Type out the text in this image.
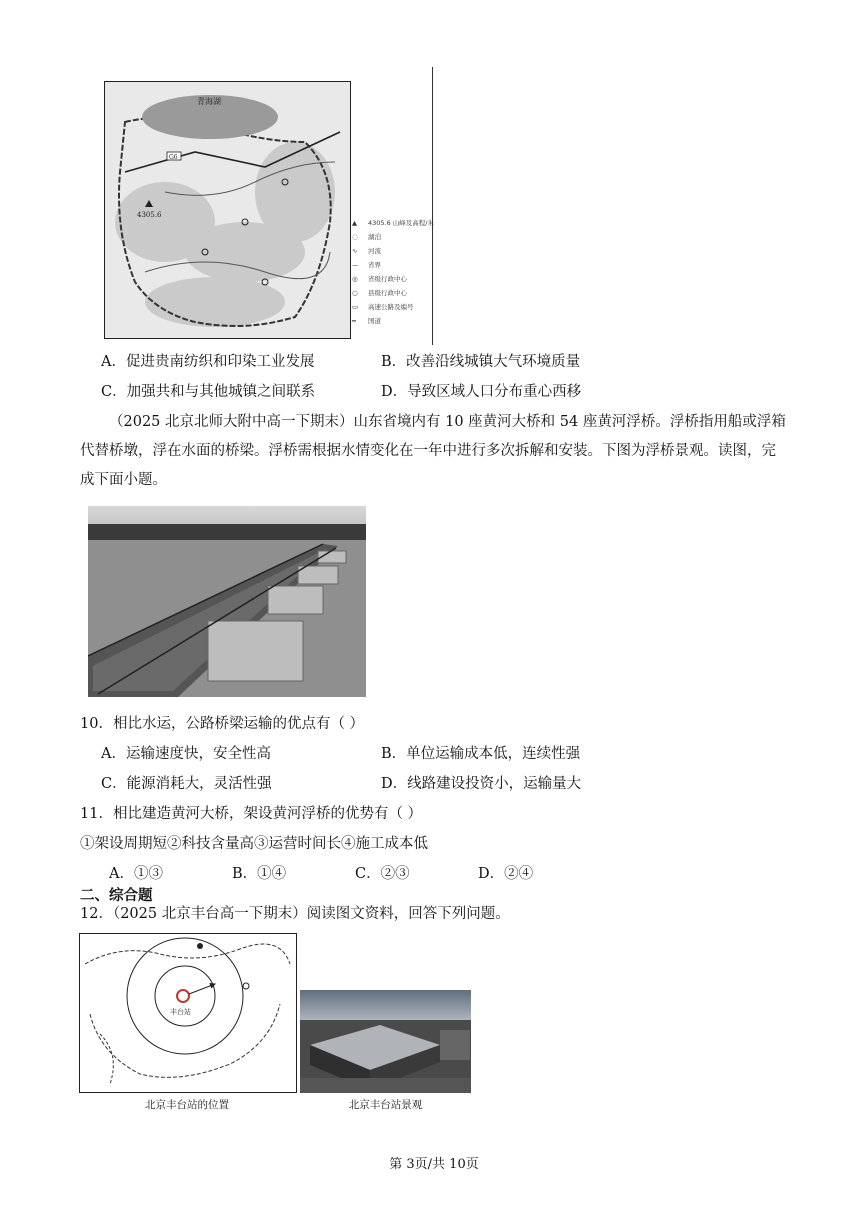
青海湖
G6
4305.6
▲ 4305.6 山峰及高程/米
◌ 湖泊
∿ 河流
— 省界
◎ 省级行政中心
○ 县级行政中心
▭ 高速公路及编号
━ 国道
A．促进贵南纺织和印染工业发展	B．改善沿线城镇大气环境质量
C．加强共和与其他城镇之间联系	D．导致区域人口分布重心西移
（2025 北京北师大附中高一下期末）山东省境内有 10 座黄河大桥和 54 座黄河浮桥。浮桥指用船或浮箱代替桥墩，浮在水面的桥梁。浮桥需根据水情变化在一年中进行多次拆解和安装。下图为浮桥景观。读图，完成下面小题。
10．相比水运，公路桥梁运输的优点有（ ）
A．运输速度快，安全性高	B．单位运输成本低，连续性强
C．能源消耗大，灵活性强	D．线路建设投资小，运输量大
11．相比建造黄河大桥，架设黄河浮桥的优势有（ ）
①架设周期短②科技含量高③运营时间长④施工成本低
A．①③	B．①④	C．②③	D．②④
二、综合题
12．（2025 北京丰台高一下期末）阅读图文资料，回答下列问题。
丰台站
北京丰台站的位置	北京丰台站景观
第 3页/共 10页
